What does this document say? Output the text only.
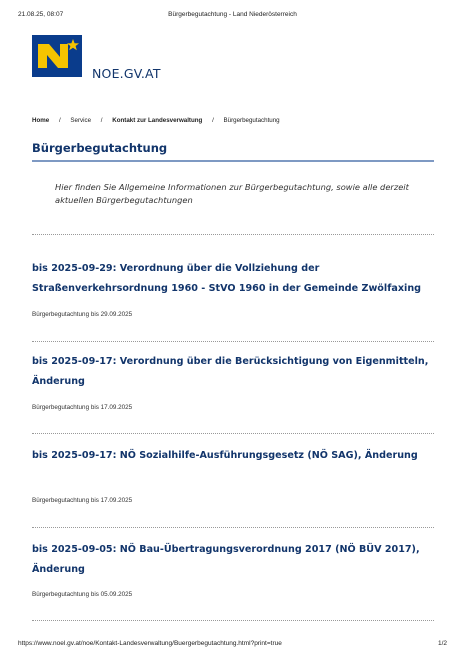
21.08.25, 08:07	Bürgerbegutachtung - Land Niederösterreich
NOE.GV.AT
Home / Service / Kontakt zur Landesverwaltung / Bürgerbegutachtung
Bürgerbegutachtung

Hier finden Sie Allgemeine Informationen zur Bürgerbegutachtung, sowie alle derzeit aktuellen Bürgerbegutachtungen

bis 2025-09-29: Verordnung über die Vollziehung der Straßenverkehrsordnung 1960 - StVO 1960 in der Gemeinde Zwölfaxing
Bürgerbegutachtung bis 29.09.2025
bis 2025-09-17: Verordnung über die Berücksichtigung von Eigenmitteln, Änderung
Bürgerbegutachtung bis 17.09.2025
bis 2025-09-17: NÖ Sozialhilfe-Ausführungsgesetz (NÖ SAG), Änderung
Bürgerbegutachtung bis 17.09.2025
bis 2025-09-05: NÖ Bau-Übertragungsverordnung 2017 (NÖ BÜV 2017), Änderung
Bürgerbegutachtung bis 05.09.2025
https://www.noel.gv.at/noe/Kontakt-Landesverwaltung/Buergerbegutachtung.html?print=true	1/2
